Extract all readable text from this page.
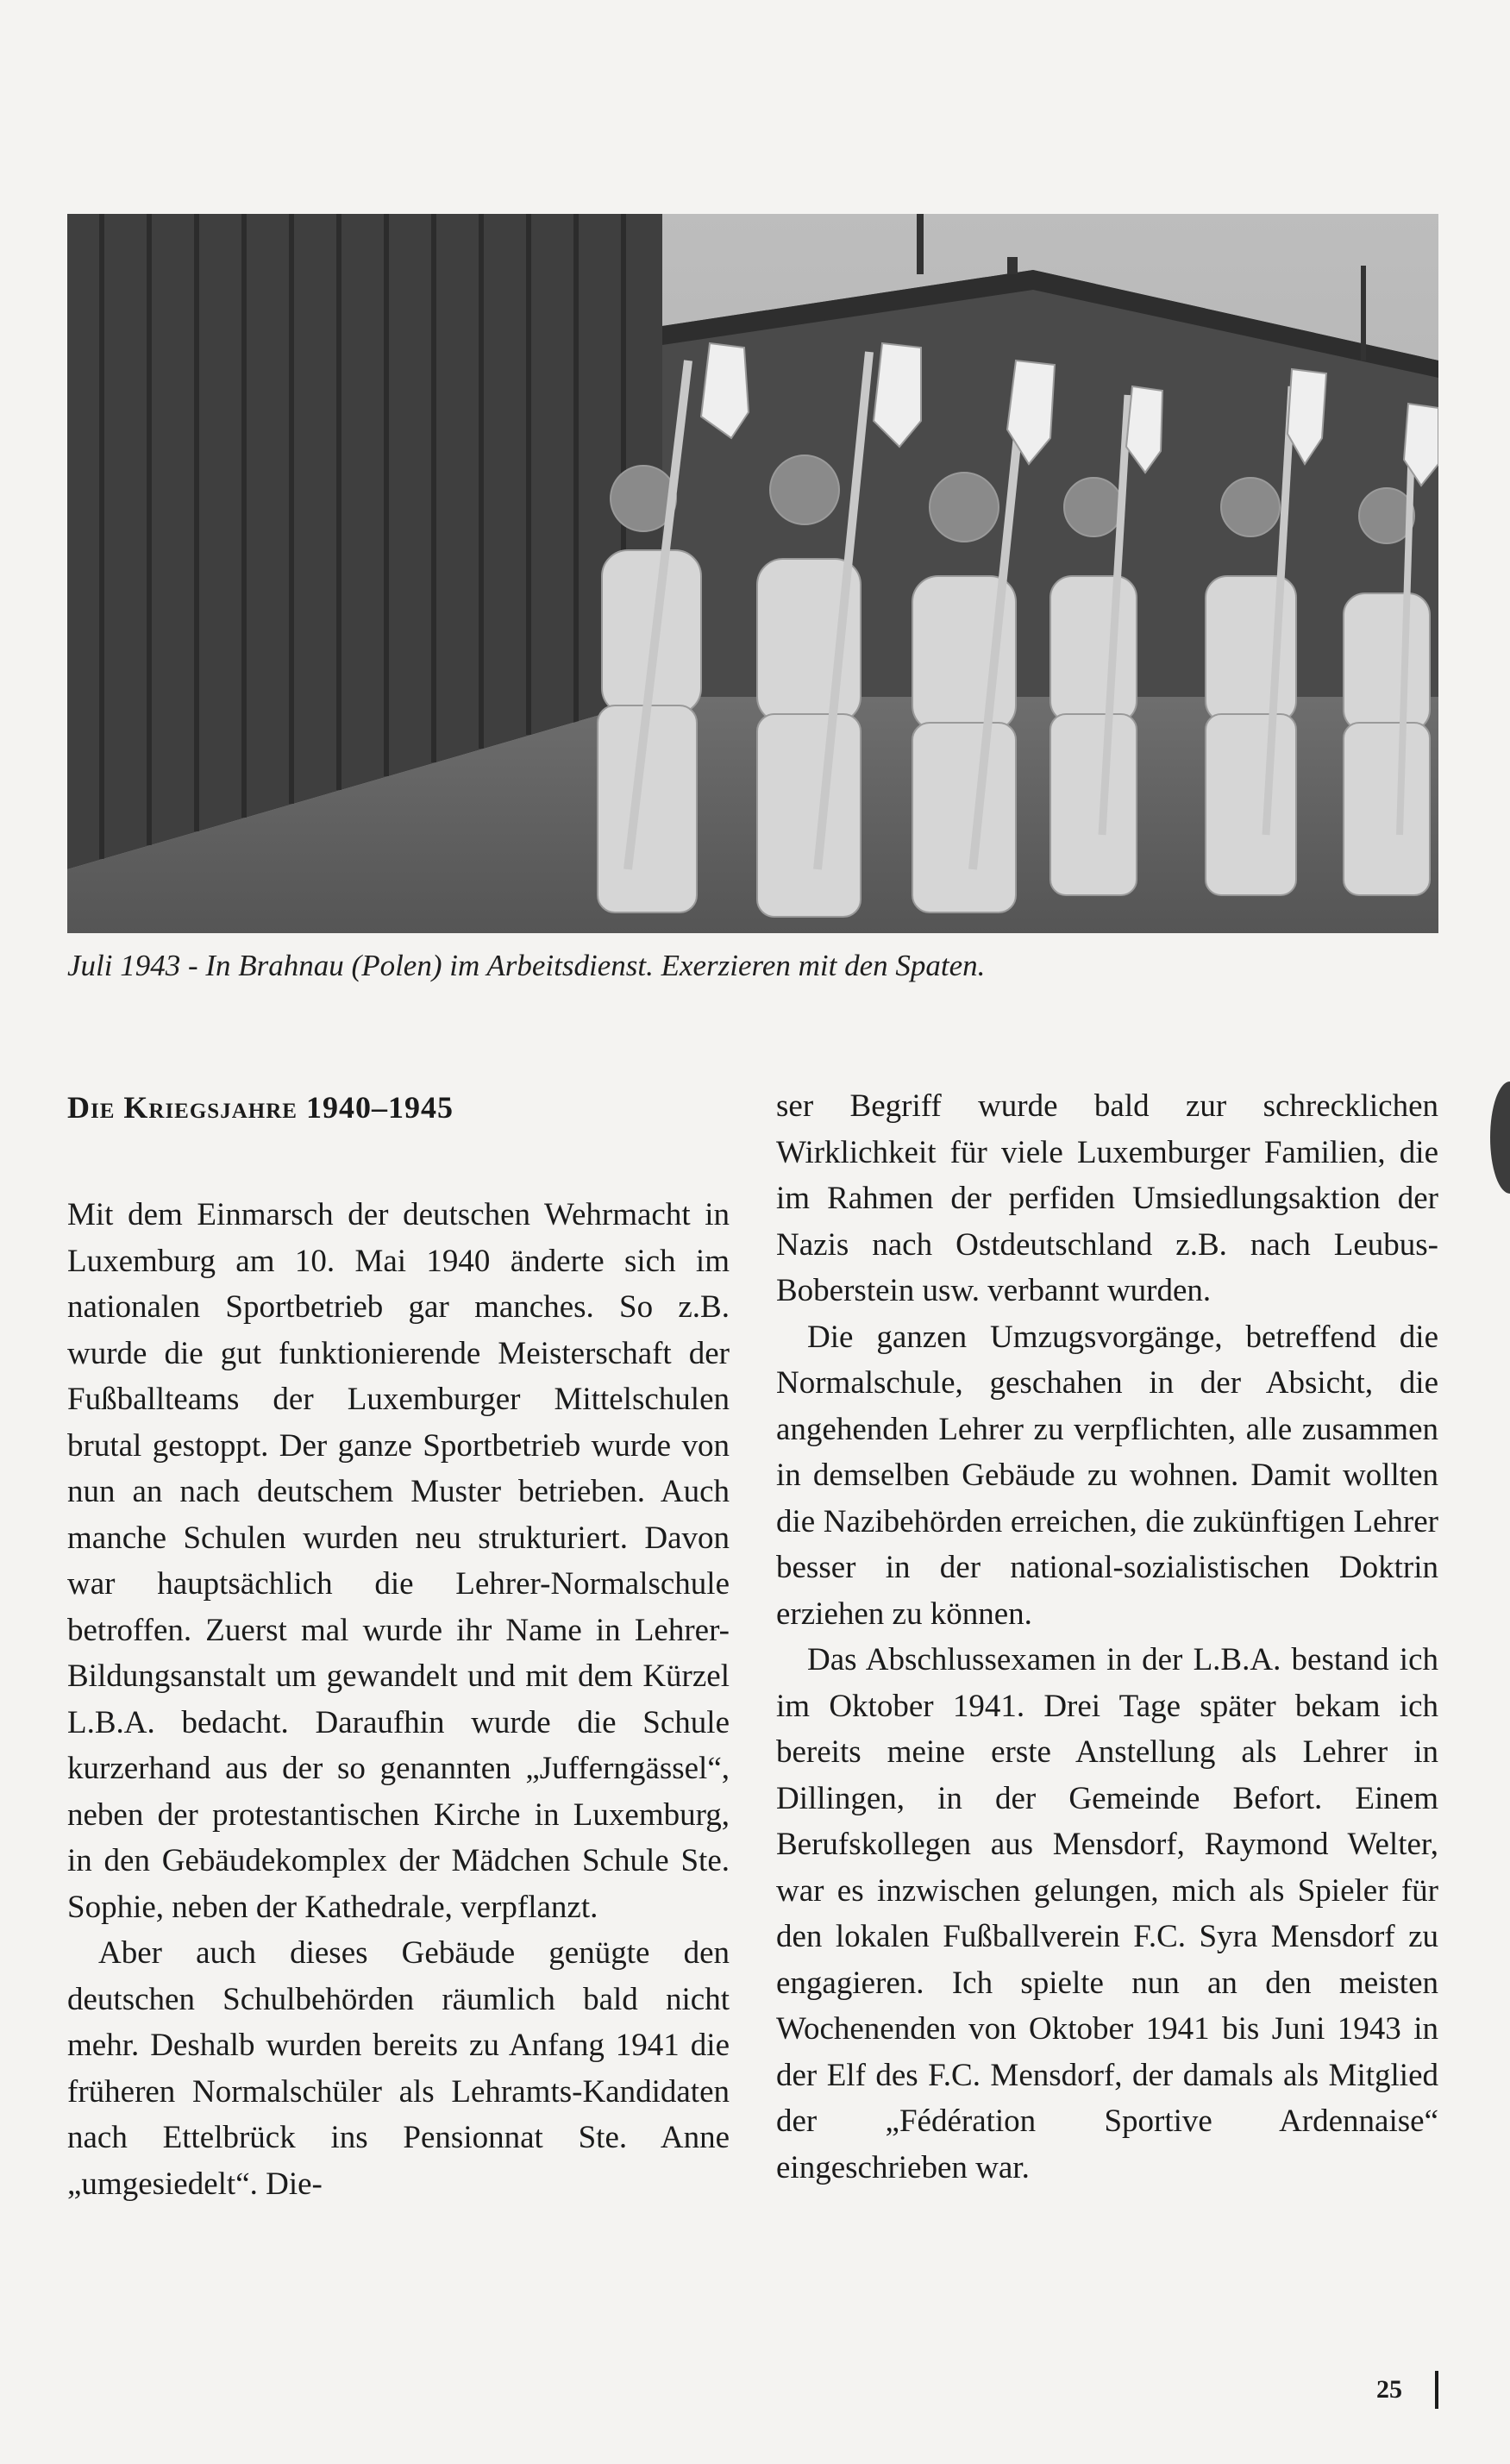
Juli 1943 - In Brahnau (Polen) im Arbeitsdienst. Exerzieren mit den Spaten.
Die Kriegsjahre 1940–1945

Mit dem Einmarsch der deutschen Wehrmacht in Luxemburg am 10. Mai 1940 änderte sich im nationalen Sportbetrieb gar manches. So z.B. wurde die gut funktionierende Meisterschaft der Fußballteams der Luxemburger Mittelschulen brutal gestoppt. Der ganze Sportbetrieb wurde von nun an nach deutschem Muster betrieben. Auch manche Schulen wurden neu strukturiert. Davon war hauptsächlich die Lehrer-Normalschule betroffen. Zuerst mal wurde ihr Name in Lehrer-Bildungsanstalt um gewandelt und mit dem Kürzel L.B.A. bedacht. Daraufhin wurde die Schule kurzerhand aus der so genannten „Jufferngässel“, neben der protestantischen Kirche in Luxemburg, in den Gebäudekomplex der Mädchen Schule Ste. Sophie, neben der Kathedrale, verpflanzt.

Aber auch dieses Gebäude genügte den deutschen Schulbehörden räumlich bald nicht mehr. Deshalb wurden bereits zu Anfang 1941 die früheren Normalschüler als Lehramts-Kandidaten nach Ettelbrück ins Pensionnat Ste. Anne „umgesiedelt“. Die-

ser Begriff wurde bald zur schrecklichen Wirklichkeit für viele Luxemburger Familien, die im Rahmen der perfiden Umsiedlungsaktion der Nazis nach Ostdeutschland z.B. nach Leubus-Boberstein usw. verbannt wurden.

Die ganzen Umzugsvorgänge, betreffend die Normalschule, geschahen in der Absicht, die angehenden Lehrer zu verpflichten, alle zusammen in demselben Gebäude zu wohnen. Damit wollten die Nazibehörden erreichen, die zukünftigen Lehrer besser in der national-sozialistischen Doktrin erziehen zu können.

Das Abschlussexamen in der L.B.A. bestand ich im Oktober 1941. Drei Tage später bekam ich bereits meine erste Anstellung als Lehrer in Dillingen, in der Gemeinde Befort. Einem Berufskollegen aus Mensdorf, Raymond Welter, war es inzwischen gelungen, mich als Spieler für den lokalen Fußballverein F.C. Syra Mensdorf zu engagieren. Ich spielte nun an den meisten Wochenenden von Oktober 1941 bis Juni 1943 in der Elf des F.C. Mensdorf, der damals als Mitglied der „Fédération Sportive Ardennaise“ eingeschrieben war.

25
